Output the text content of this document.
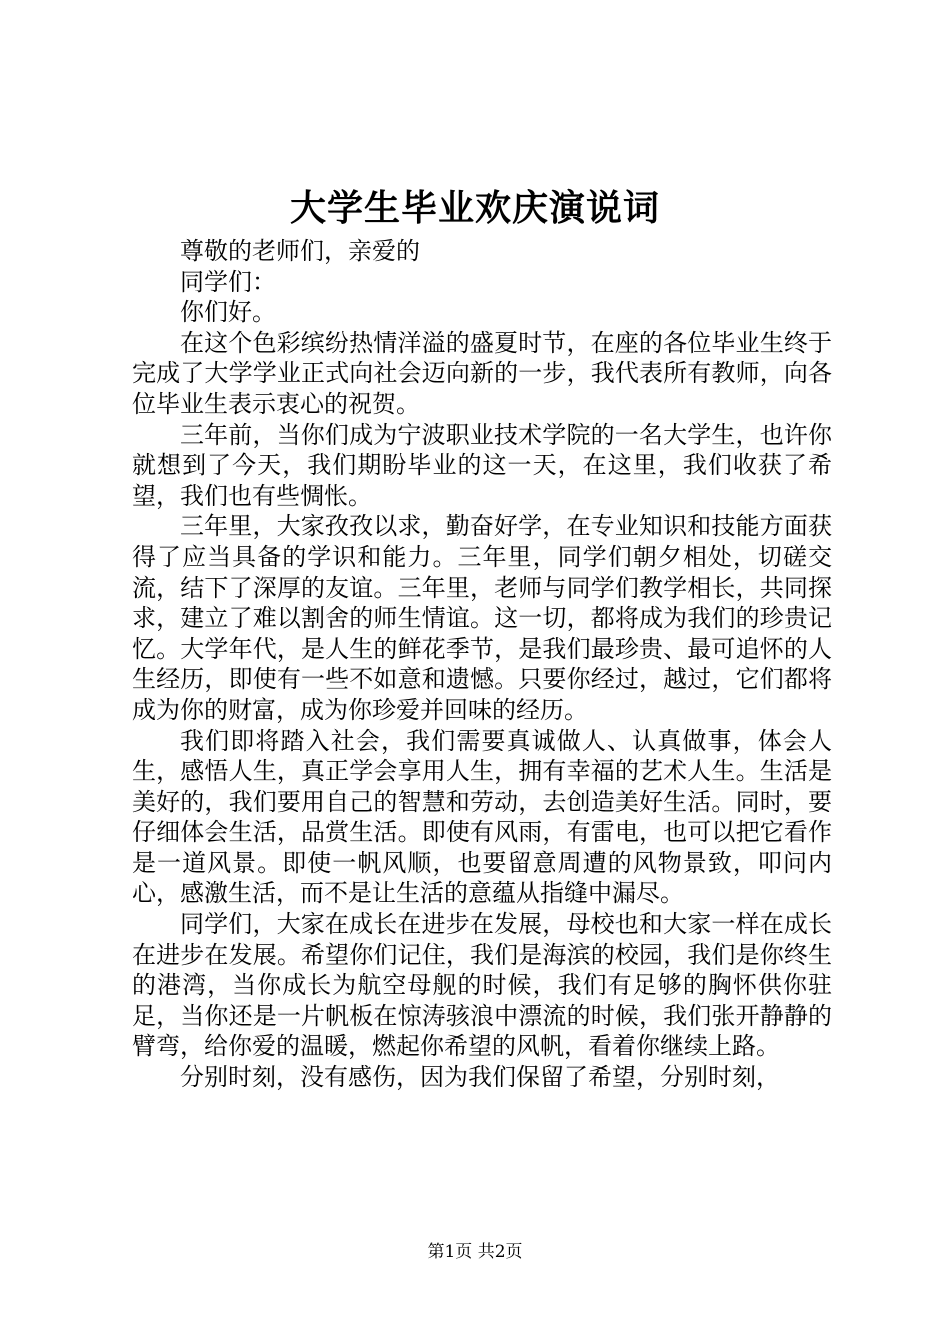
大学生毕业欢庆演说词

尊敬的老师们，亲爱的

同学们：

你们好。

在这个色彩缤纷热情洋溢的盛夏时节，在座的各位毕业生终于完成了大学学业正式向社会迈向新的一步，我代表所有教师，向各位毕业生表示衷心的祝贺。

三年前，当你们成为宁波职业技术学院的一名大学生，也许你就想到了今天，我们期盼毕业的这一天，在这里，我们收获了希望，我们也有些惆怅。

三年里，大家孜孜以求，勤奋好学，在专业知识和技能方面获得了应当具备的学识和能力。三年里，同学们朝夕相处，切磋交流，结下了深厚的友谊。三年里，老师与同学们教学相长，共同探求，建立了难以割舍的师生情谊。这一切，都将成为我们的珍贵记忆。大学年代，是人生的鲜花季节，是我们最珍贵、最可追怀的人生经历，即使有一些不如意和遗憾。只要你经过，越过，它们都将成为你的财富，成为你珍爱并回味的经历。

我们即将踏入社会，我们需要真诚做人、认真做事，体会人生，感悟人生，真正学会享用人生，拥有幸福的艺术人生。生活是美好的，我们要用自己的智慧和劳动，去创造美好生活。同时，要仔细体会生活，品赏生活。即使有风雨，有雷电，也可以把它看作是一道风景。即使一帆风顺，也要留意周遭的风物景致，叩问内心，感激生活，而不是让生活的意蕴从指缝中漏尽。

同学们，大家在成长在进步在发展，母校也和大家一样在成长在进步在发展。希望你们记住，我们是海滨的校园，我们是你终生的港湾，当你成长为航空母舰的时候，我们有足够的胸怀供你驻足，当你还是一片帆板在惊涛骇浪中漂流的时候，我们张开静静的臂弯，给你爱的温暖，燃起你希望的风帆，看着你继续上路。

分别时刻，没有感伤，因为我们保留了希望，分别时刻，

第1页 共2页
